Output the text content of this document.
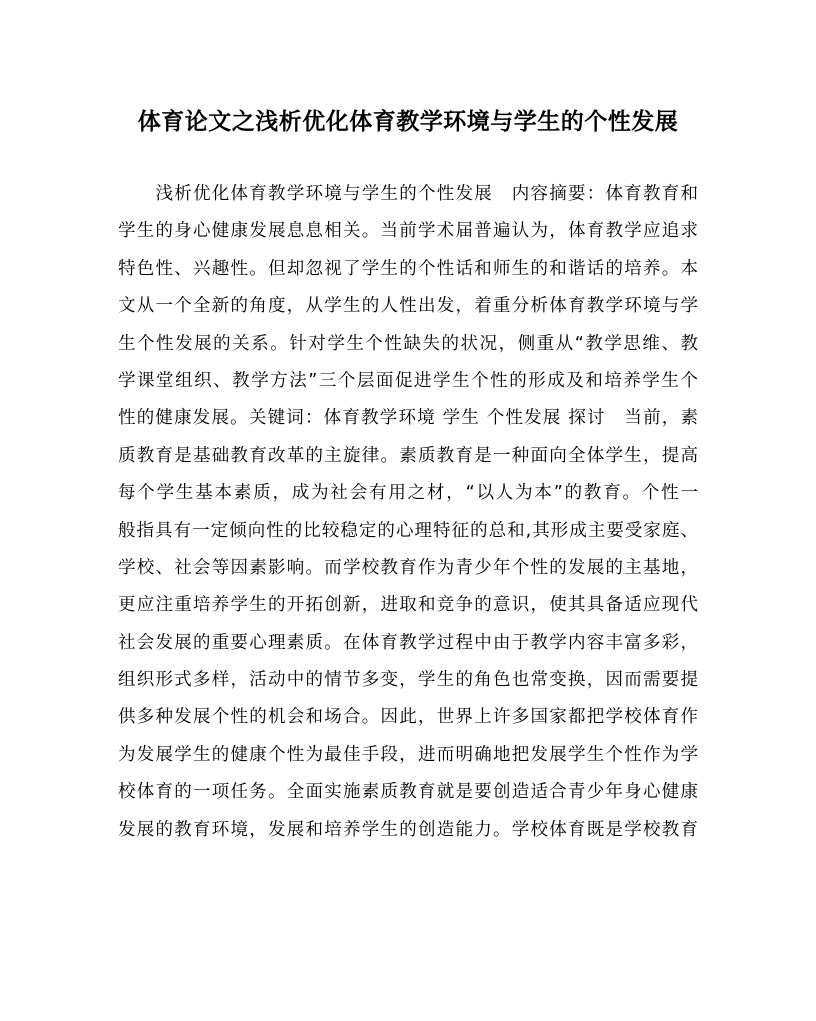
体育论文之浅析优化体育教学环境与学生的个性发展
　　浅析优化体育教学环境与学生的个性发展　内容摘要：体育教育和
学生的身心健康发展息息相关。当前学术届普遍认为，体育教学应追求
特色性、兴趣性。但却忽视了学生的个性话和师生的和谐话的培养。本
文从一个全新的角度，从学生的人性出发，着重分析体育教学环境与学
生个性发展的关系。针对学生个性缺失的状况，侧重从“教学思维、教
学课堂组织、教学方法”三个层面促进学生个性的形成及和培养学生个
性的健康发展。关键词：体育教学环境 学生 个性发展 探讨　当前，素
质教育是基础教育改革的主旋律。素质教育是一种面向全体学生，提高
每个学生基本素质，成为社会有用之材，“以人为本”的教育。个性一
般指具有一定倾向性的比较稳定的心理特征的总和,其形成主要受家庭、
学校、社会等因素影响。而学校教育作为青少年个性的发展的主基地，
更应注重培养学生的开拓创新，进取和竞争的意识，使其具备适应现代
社会发展的重要心理素质。在体育教学过程中由于教学内容丰富多彩，
组织形式多样，活动中的情节多变，学生的角色也常变换，因而需要提
供多种发展个性的机会和场合。因此，世界上许多国家都把学校体育作
为发展学生的健康个性为最佳手段，进而明确地把发展学生个性作为学
校体育的一项任务。全面实施素质教育就是要创造适合青少年身心健康
发展的教育环境，发展和培养学生的创造能力。学校体育既是学校教育
